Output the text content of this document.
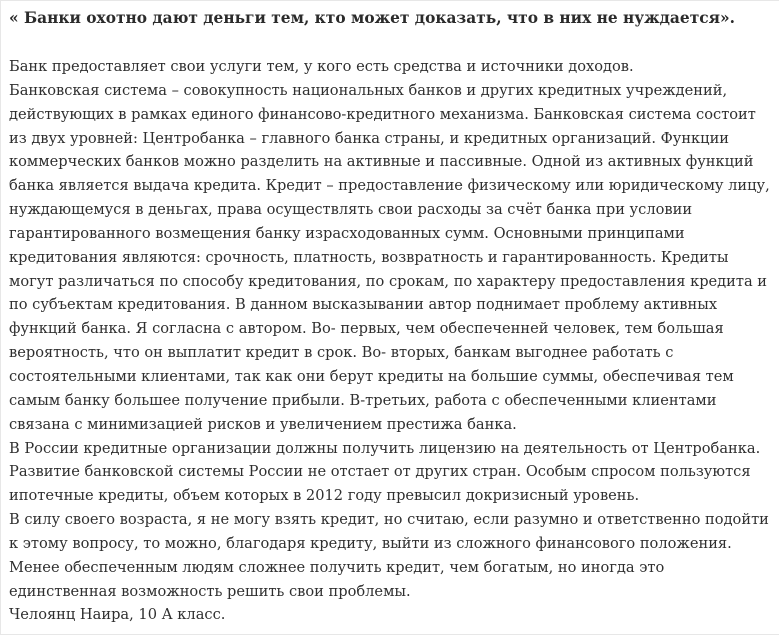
« Банки охотно дают деньги тем, кто может доказать, что в них не нуждается».

Банк предоставляет свои услуги тем, у кого есть средства и источники доходов.

Банковская система – совокупность национальных банков и других кредитных учреждений, действующих в рамках единого финансово-кредитного механизма. Банковская система состоит из двух уровней: Центробанка – главного банка страны, и кредитных организаций. Функции коммерческих банков можно разделить на активные и пассивные. Одной из активных функций банка является выдача кредита. Кредит – предоставление физическому или юридическому лицу, нуждающемуся в деньгах, права осуществлять свои расходы за счёт банка при условии гарантированного возмещения банку израсходованных сумм. Основными принципами кредитования являются: срочность, платность, возвратность и гарантированность. Кредиты могут различаться по способу кредитования, по срокам, по характеру предоставления кредита и по субъектам кредитования. В данном высказывании автор поднимает проблему активных функций банка. Я согласна с автором. Во- первых, чем обеспеченней человек, тем большая вероятность, что он выплатит кредит в срок. Во- вторых, банкам выгоднее работать с состоятельными клиентами, так как они берут кредиты на большие суммы, обеспечивая тем самым банку большее получение прибыли. В-третьих, работа с обеспеченными клиентами связана с минимизацией рисков и увеличением престижа банка.

В России кредитные организации должны получить лицензию на деятельность от Центробанка. Развитие банковской системы России не отстает от других стран. Особым спросом пользуются ипотечные кредиты, объем которых в 2012 году превысил докризисный уровень.

В силу своего возраста, я не могу взять кредит, но считаю, если разумно и ответственно подойти к этому вопросу, то можно, благодаря кредиту, выйти из сложного финансового положения.

Менее обеспеченным людям сложнее получить кредит, чем богатым, но иногда это единственная возможность решить свои проблемы.

Челоянц Наира, 10 А класс.
